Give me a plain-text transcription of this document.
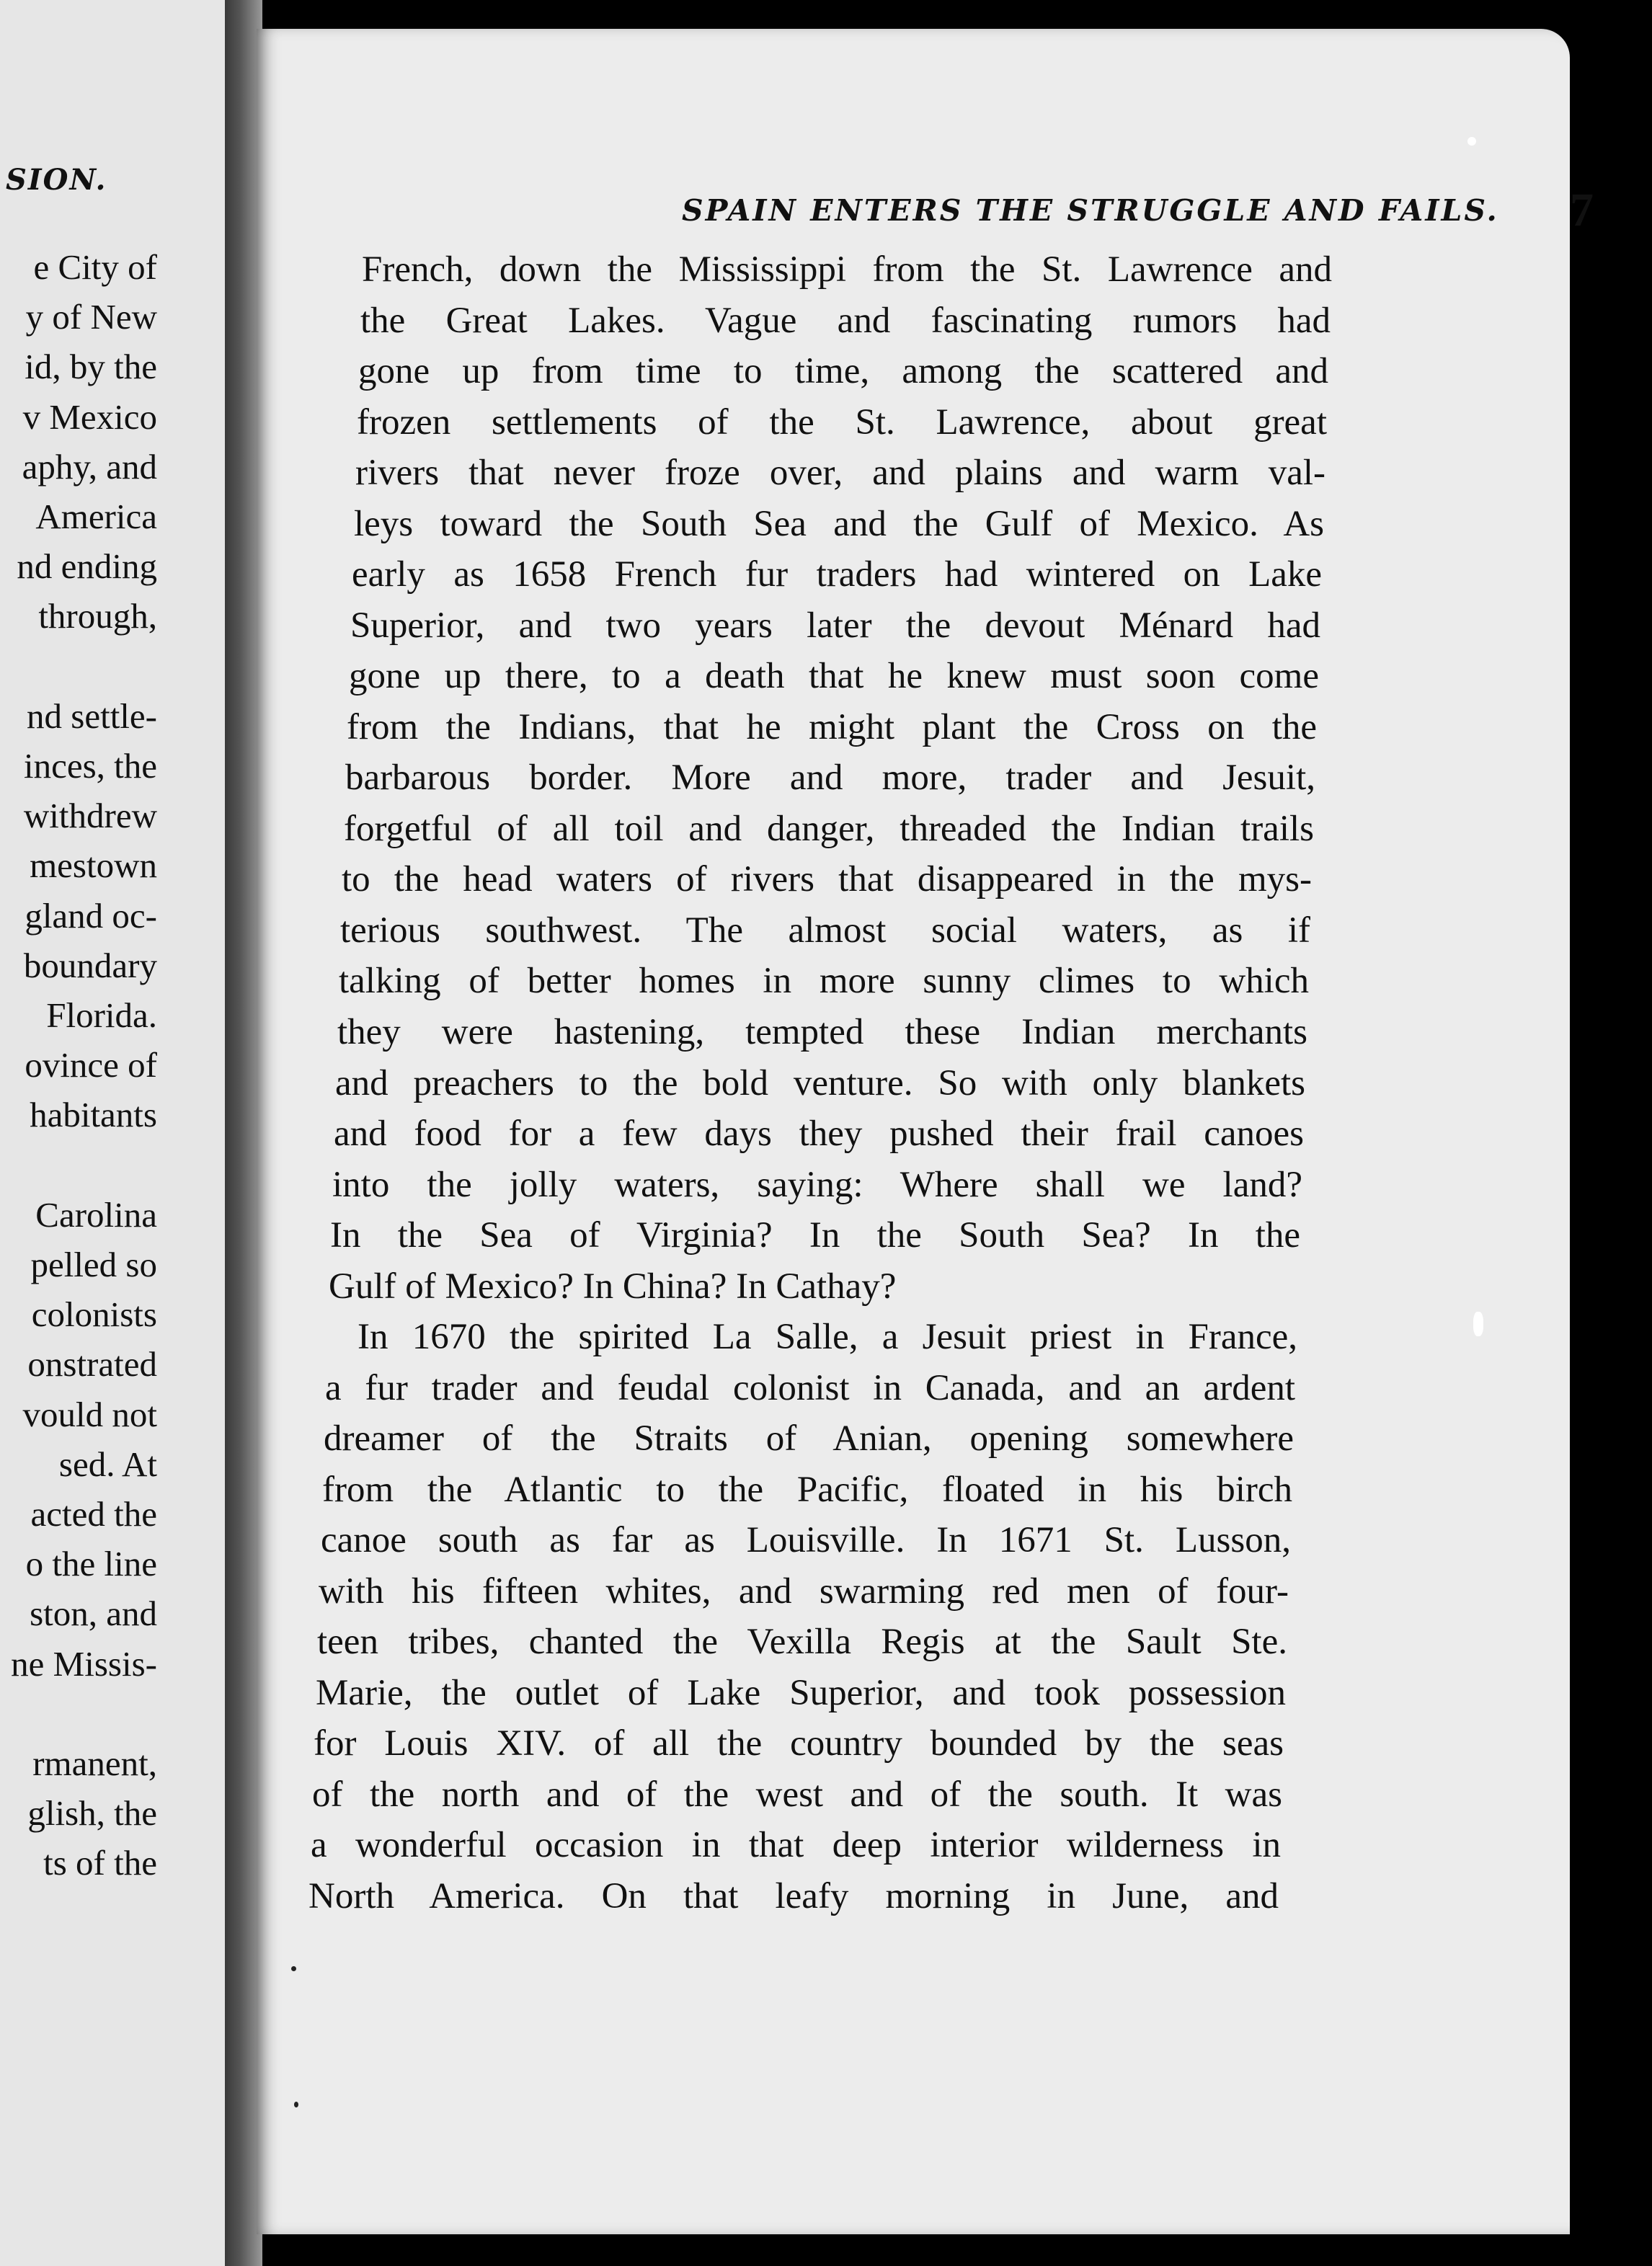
SION.
e City of
y of New
id, by the
v Mexico
aphy, and
America
nd ending
through,
nd settle-
inces, the
withdrew
mestown
gland oc-
boundary
Florida.
ovince of
habitants
Carolina
pelled so
colonists
onstrated
vould not
sed. At
acted the
o the line
ston, and
ne Missis-
rmanent,
glish, the
ts of the
SPAIN ENTERS THE STRUGGLE AND FAILS. 7
French, down the Mississippi from the St. Lawrence and
the Great Lakes. Vague and fascinating rumors had
gone up from time to time, among the scattered and
frozen settlements of the St. Lawrence, about great
rivers that never froze over, and plains and warm val-
leys toward the South Sea and the Gulf of Mexico. As
early as 1658 French fur traders had wintered on Lake
Superior, and two years later the devout Ménard had
gone up there, to a death that he knew must soon come
from the Indians, that he might plant the Cross on the
barbarous border. More and more, trader and Jesuit,
forgetful of all toil and danger, threaded the Indian trails
to the head waters of rivers that disappeared in the mys-
terious southwest. The almost social waters, as if
talking of better homes in more sunny climes to which
they were hastening, tempted these Indian merchants
and preachers to the bold venture. So with only blankets
and food for a few days they pushed their frail canoes
into the jolly waters, saying: Where shall we land?
In the Sea of Virginia? In the South Sea? In the
Gulf of Mexico? In China? In Cathay?
In 1670 the spirited La Salle, a Jesuit priest in France,
a fur trader and feudal colonist in Canada, and an ardent
dreamer of the Straits of Anian, opening somewhere
from the Atlantic to the Pacific, floated in his birch
canoe south as far as Louisville. In 1671 St. Lusson,
with his fifteen whites, and swarming red men of four-
teen tribes, chanted the Vexilla Regis at the Sault Ste.
Marie, the outlet of Lake Superior, and took possession
for Louis XIV. of all the country bounded by the seas
of the north and of the west and of the south. It was
a wonderful occasion in that deep interior wilderness in
North America. On that leafy morning in June, and
